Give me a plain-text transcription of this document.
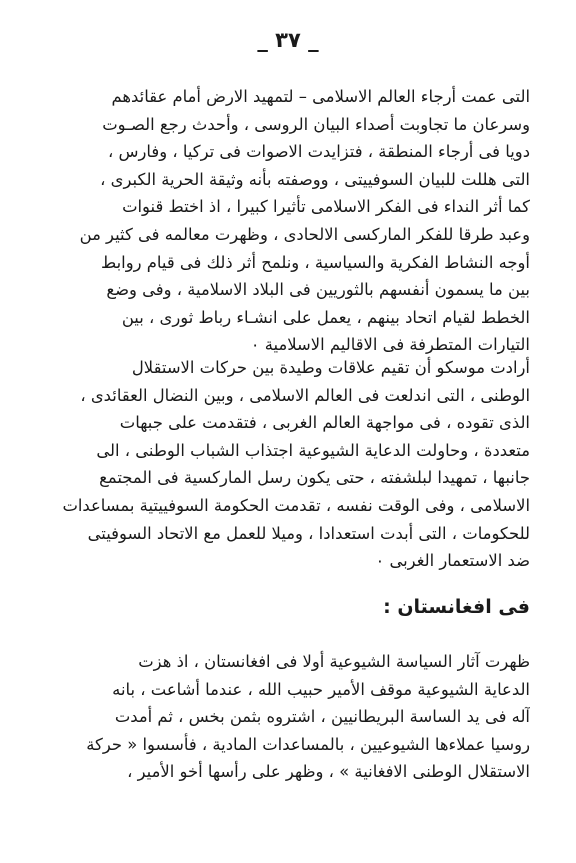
_ ٣٧ _
التى عمت أرجاء العالم الاسلامى – لتمهيد الارض أمام عقائدهم
وسرعان ما تجاوبت أصداء البيان الروسى ، وأحدث رجع الصـوت
دويا فى أرجاء المنطقة ، فتزايدت الاصوات فى تركيا ، وفارس ،
التى هللت للبيان السوفييتى ، ووصفته بأنه وثيقة الحرية الكبرى ،
كما أثر النداء فى الفكر الاسلامى تأثيرا كبيرا ، اذ اختط قنوات
وعبد طرقا للفكر الماركسى الالحادى ، وظهرت معالمه فى كثير من
أوجه النشاط الفكرية والسياسية ، ونلمح أثر ذلك فى قيام روابط
بين ما يسمون أنفسهم بالثوريين فى البلاد الاسلامية ، وفى وضع
الخطط لقيام اتحاد بينهم ، يعمل على انشـاء رباط ثورى ، بين
التيارات المتطرفة فى الاقاليم الاسلامية ٠
أرادت موسكو أن تقيم علاقات وطيدة بين حركات الاستقلال
الوطنى ، التى اندلعت فى العالم الاسلامى ، وبين النضال العقائدى ،
الذى تقوده ، فى مواجهة العالم الغربى ، فتقدمت على جبهات
متعددة ، وحاولت الدعاية الشيوعية اجتذاب الشباب الوطنى ، الى
جانبها ، تمهيدا لبلشفته ، حتى يكون رسل الماركسية فى المجتمع
الاسلامى ، وفى الوقت نفسه ، تقدمت الحكومة السوفييتية بمساعدات
للحكومات ، التى أبدت استعدادا ، وميلا للعمل مع الاتحاد السوفيتى
ضد الاستعمار الغربى ٠
فى افغانستان :
ظهرت آثار السياسة الشيوعية أولا فى افغانستان ، اذ هزت
الدعاية الشيوعية موقف الأمير حبيب الله ، عندما أشاعت ، بانه
آله فى يد الساسة البريطانيين ، اشتروه بثمن بخس ، ثم أمدت
روسيا عملاءها الشيوعيين ، بالمساعدات المادية ، فأسسوا « حركة
الاستقلال الوطنى الافغانية » ، وظهر على رأسها أخو الأمير ،
